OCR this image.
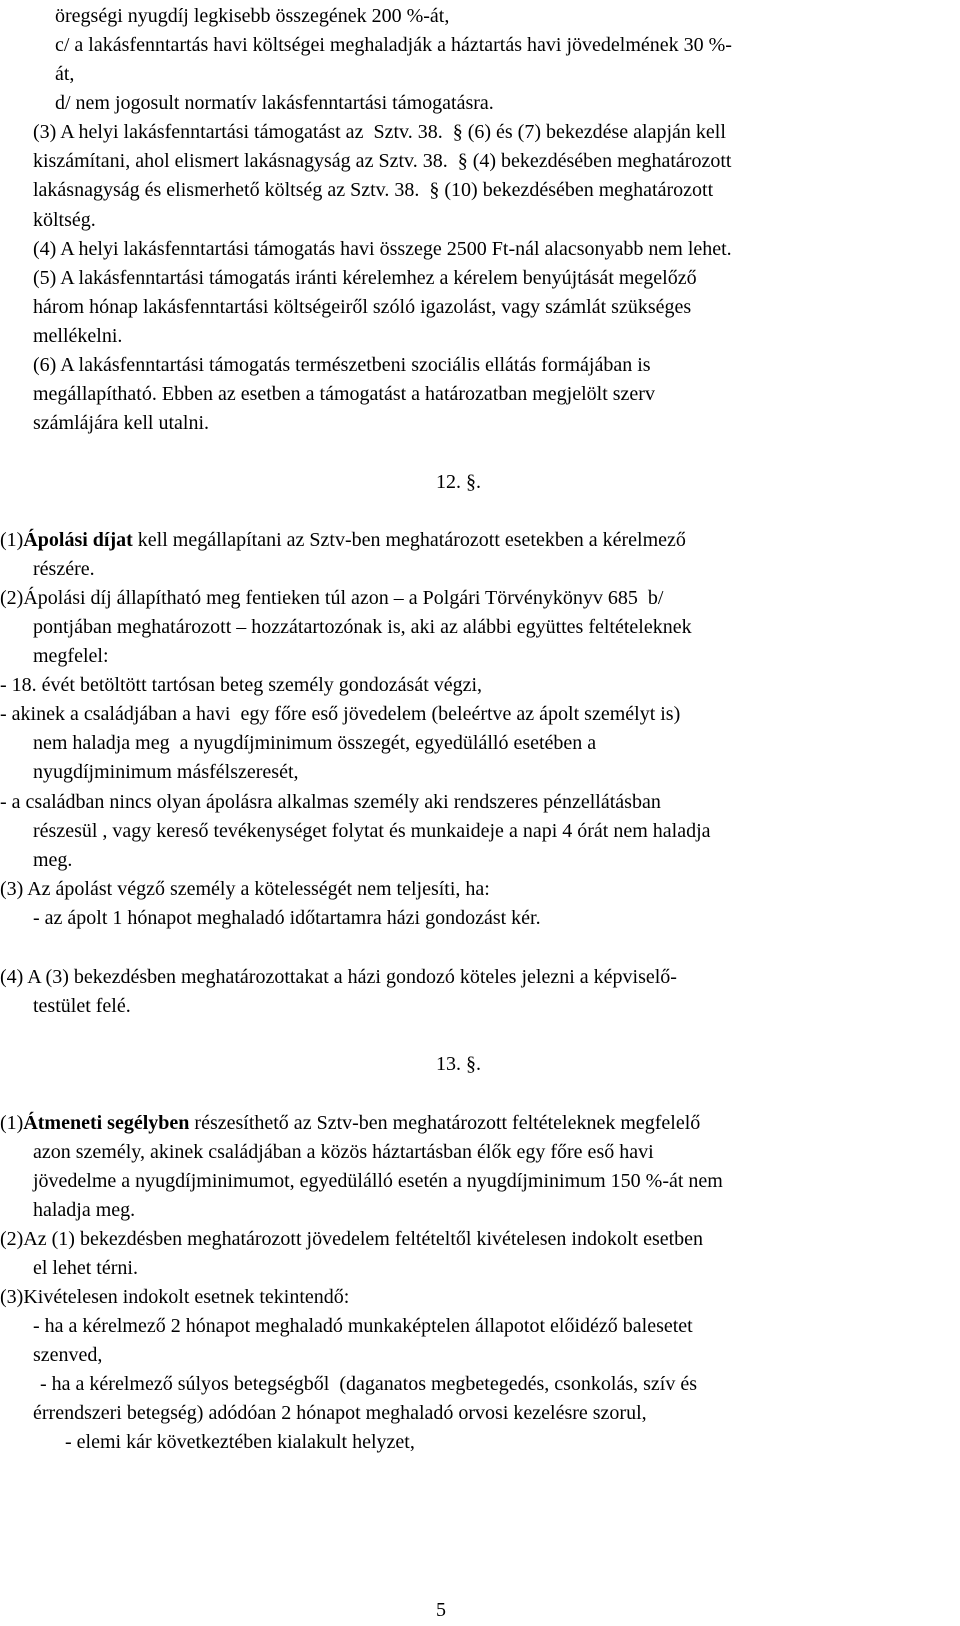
öregségi nyugdíj legkisebb összegének 200 %-át,
c/ a lakásfenntartás havi költségei meghaladják a háztartás havi jövedelmének 30 %-
át,
d/ nem jogosult normatív lakásfenntartási támogatásra.
(3) A helyi lakásfenntartási támogatást az  Sztv. 38.  § (6) és (7) bekezdése alapján kell
kiszámítani, ahol elismert lakásnagyság az Sztv. 38.  § (4) bekezdésében meghatározott
lakásnagyság és elismerhető költség az Sztv. 38.  § (10) bekezdésében meghatározott
költség.
(4) A helyi lakásfenntartási támogatás havi összege 2500 Ft-nál alacsonyabb nem lehet.
(5) A lakásfenntartási támogatás iránti kérelemhez a kérelem benyújtását megelőző
három hónap lakásfenntartási költségeiről szóló igazolást, vagy számlát szükséges
mellékelni.
(6) A lakásfenntartási támogatás természetbeni szociális ellátás formájában is
megállapítható. Ebben az esetben a támogatást a határozatban megjelölt szerv
számlájára kell utalni.
12. §.
(1)Ápolási díjat kell megállapítani az Sztv-ben meghatározott esetekben a kérelmező
részére.
(2)Ápolási díj állapítható meg fentieken túl azon – a Polgári Törvénykönyv 685  b/
pontjában meghatározott – hozzátartozónak is, aki az alábbi együttes feltételeknek
megfelel:
- 18. évét betöltött tartósan beteg személy gondozását végzi,
- akinek a családjában a havi  egy főre eső jövedelem (beleértve az ápolt személyt is)
nem haladja meg  a nyugdíjminimum összegét, egyedülálló esetében a
nyugdíjminimum másfélszeresét,
- a családban nincs olyan ápolásra alkalmas személy aki rendszeres pénzellátásban
részesül , vagy kereső tevékenységet folytat és munkaideje a napi 4 órát nem haladja
meg.
(3) Az ápolást végző személy a kötelességét nem teljesíti, ha:
- az ápolt 1 hónapot meghaladó időtartamra házi gondozást kér.
(4) A (3) bekezdésben meghatározottakat a házi gondozó köteles jelezni a képviselő-
testület felé.
13. §.
(1)Átmeneti segélyben részesíthető az Sztv-ben meghatározott feltételeknek megfelelő
azon személy, akinek családjában a közös háztartásban élők egy főre eső havi
jövedelme a nyugdíjminimumot, egyedülálló esetén a nyugdíjminimum 150 %-át nem
haladja meg.
(2)Az (1) bekezdésben meghatározott jövedelem feltételtől kivételesen indokolt esetben
el lehet térni.
(3)Kivételesen indokolt esetnek tekintendő:
- ha a kérelmező 2 hónapot meghaladó munkaképtelen állapotot előidéző balesetet
szenved,
- ha a kérelmező súlyos betegségből  (daganatos megbetegedés, csonkolás, szív és
érrendszeri betegség) adódóan 2 hónapot meghaladó orvosi kezelésre szorul,
- elemi kár következtében kialakult helyzet,
5
